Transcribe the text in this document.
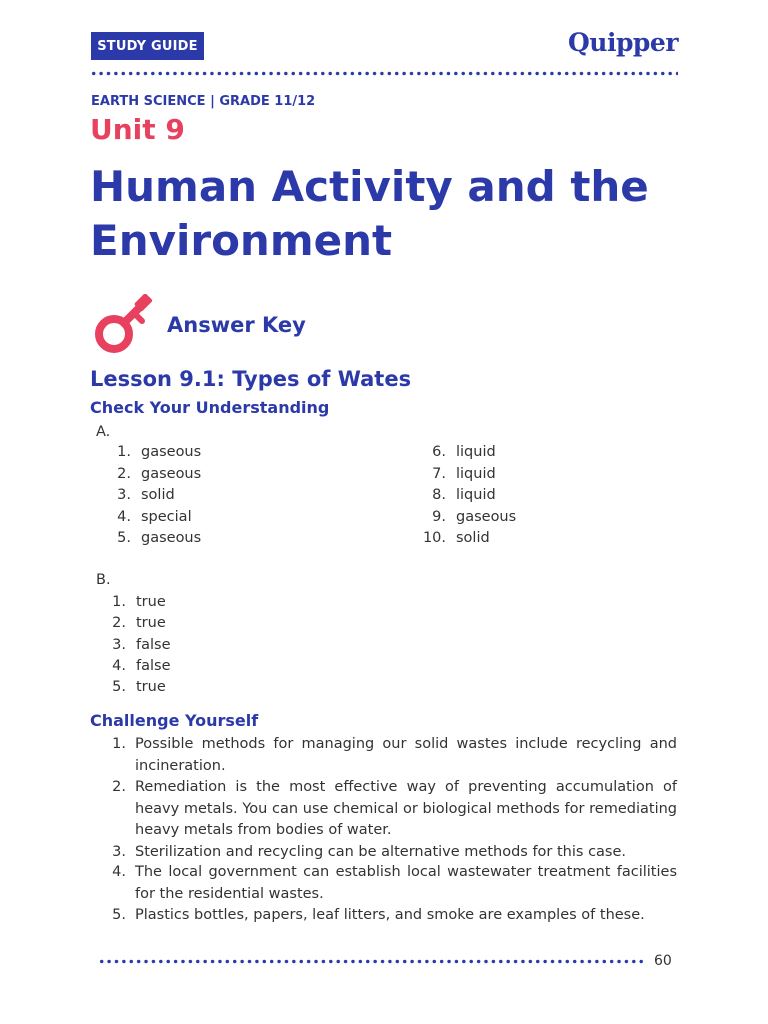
STUDY GUIDE	Quipper
EARTH SCIENCE | GRADE 11/12
Unit 9
Human Activity and the Environment
Answer Key
Lesson 9.1: Types of Wates
Check Your Understanding
A.
1. gaseous
2. gaseous
3. solid
4. special
5. gaseous
6. liquid
7. liquid
8. liquid
9. gaseous
10. solid
B.
1. true
2. true
3. false
4. false
5. true
Challenge Yourself
1. Possible methods for managing our solid wastes include recycling and incineration.
2. Remediation is the most effective way of preventing accumulation of heavy metals. You can use chemical or biological methods for remediating heavy metals from bodies of water.
3. Sterilization and recycling can be alternative methods for this case.
4. The local government can establish local wastewater treatment facilities for the residential wastes.
5. Plastics bottles, papers, leaf litters, and smoke are examples of these.
60
